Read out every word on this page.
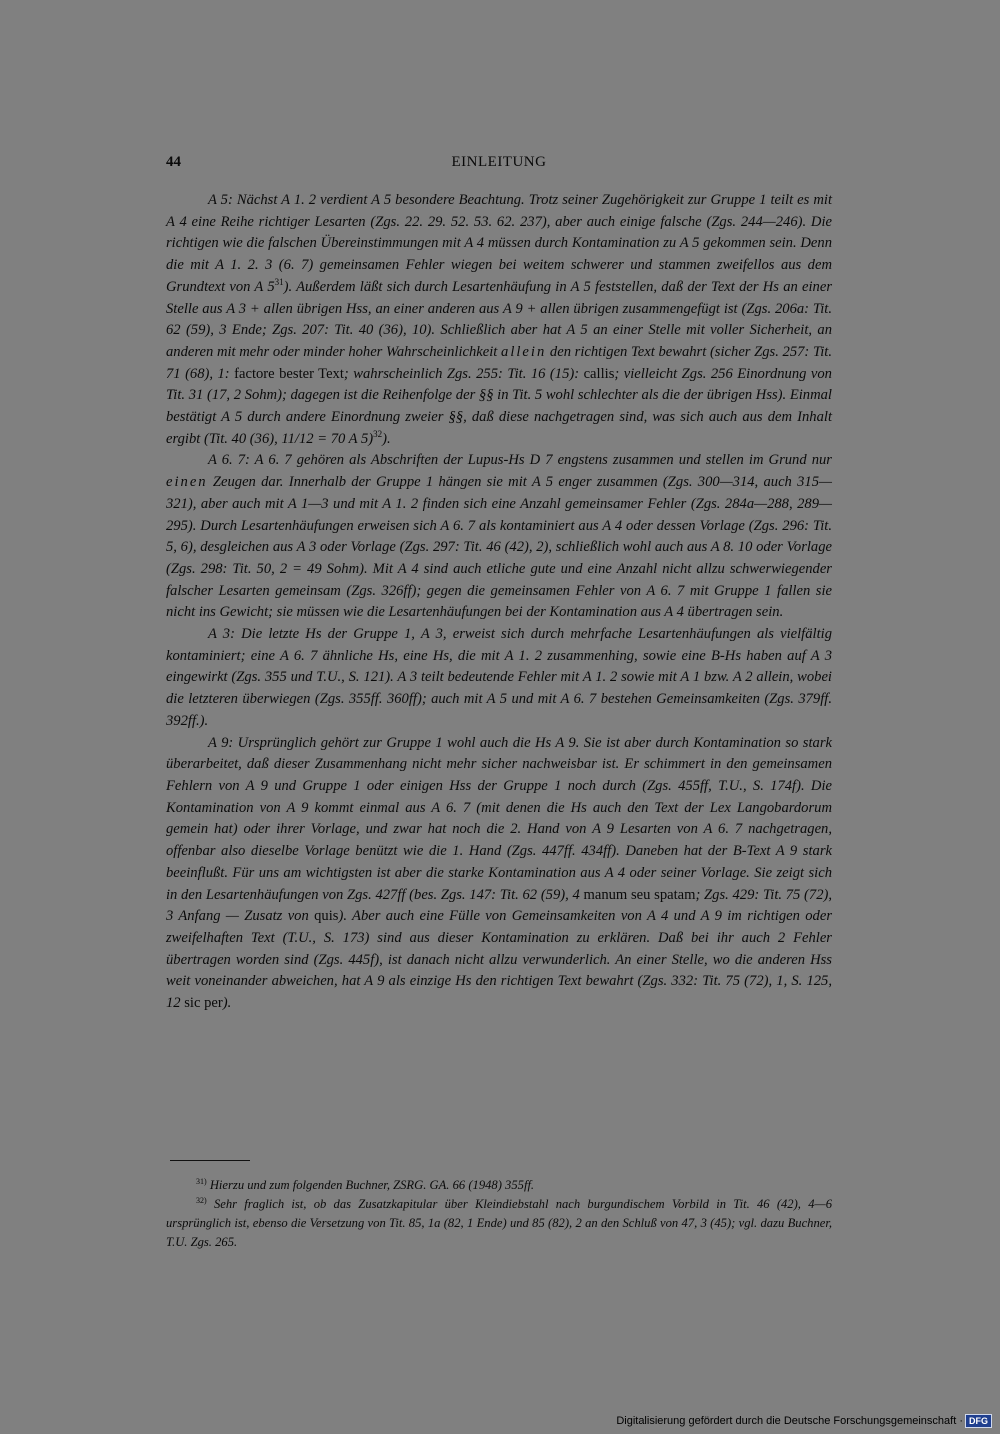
44	EINLEITUNG

A 5: Nächst A 1. 2 verdient A 5 besondere Beachtung. Trotz seiner Zugehörigkeit zur Gruppe 1 teilt es mit A 4 eine Reihe richtiger Lesarten (Zgs. 22. 29. 52. 53. 62. 237), aber auch einige falsche (Zgs. 244—246). Die richtigen wie die falschen Übereinstimmungen mit A 4 müssen durch Kontamination zu A 5 gekommen sein. Denn die mit A 1. 2. 3 (6. 7) gemeinsamen Fehler wiegen bei weitem schwerer und stammen zweifellos aus dem Grundtext von A $5^{31}$). Außerdem läßt sich durch Lesartenhäufung in A 5 feststellen, daß der Text der Hs an einer Stelle aus A 3 + allen übrigen Hss, an einer anderen aus A 9 + allen übrigen zusammengefügt ist (Zgs. 206a: Tit. 62 (59), 3 Ende; Zgs. 207: Tit. 40 (36), 10). Schließlich aber hat A 5 an einer Stelle mit voller Sicherheit, an anderen mit mehr oder minder hoher Wahrscheinlichkeit allein den richtigen Text bewahrt (sicher Zgs. 257: Tit. 71 (68), 1: factore bester Text; wahrscheinlich Zgs. 255: Tit. 16 (15): callis; vielleicht Zgs. 256 Einordnung von Tit. 31 (17, 2 Sohm); dagegen ist die Reihenfolge der §§ in Tit. 5 wohl schlechter als die der übrigen Hss). Einmal bestätigt A 5 durch andere Einordnung zweier §§, daß diese nachgetragen sind, was sich auch aus dem Inhalt ergibt (Tit. 40 (36), 11/12 = 70 A 5)$^{32}$).

A 6. 7: A 6. 7 gehören als Abschriften der Lupus-Hs D 7 engstens zusammen und stellen im Grund nur einen Zeugen dar. Innerhalb der Gruppe 1 hängen sie mit A 5 enger zusammen (Zgs. 300—314, auch 315—321), aber auch mit A 1—3 und mit A 1. 2 finden sich eine Anzahl gemeinsamer Fehler (Zgs. 284a—288, 289—295). Durch Lesartenhäufungen erweisen sich A 6. 7 als kontaminiert aus A 4 oder dessen Vorlage (Zgs. 296: Tit. 5, 6), desgleichen aus A 3 oder Vorlage (Zgs. 297: Tit. 46 (42), 2), schließlich wohl auch aus A 8. 10 oder Vorlage (Zgs. 298: Tit. 50, 2 = 49 Sohm). Mit A 4 sind auch etliche gute und eine Anzahl nicht allzu schwerwiegender falscher Lesarten gemeinsam (Zgs. 326ff); gegen die gemeinsamen Fehler von A 6. 7 mit Gruppe 1 fallen sie nicht ins Gewicht; sie müssen wie die Lesartenhäufungen bei der Kontamination aus A 4 übertragen sein.

A 3: Die letzte Hs der Gruppe 1, A 3, erweist sich durch mehrfache Lesartenhäufungen als vielfältig kontaminiert; eine A 6. 7 ähnliche Hs, eine Hs, die mit A 1. 2 zusammenhing, sowie eine B-Hs haben auf A 3 eingewirkt (Zgs. 355 und T.U., S. 121). A 3 teilt bedeutende Fehler mit A 1. 2 sowie mit A 1 bzw. A 2 allein, wobei die letzteren überwiegen (Zgs. 355ff. 360ff); auch mit A 5 und mit A 6. 7 bestehen Gemeinsamkeiten (Zgs. 379ff. 392ff.).

A 9: Ursprünglich gehört zur Gruppe 1 wohl auch die Hs A 9. Sie ist aber durch Kontamination so stark überarbeitet, daß dieser Zusammenhang nicht mehr sicher nachweisbar ist. Er schimmert in den gemeinsamen Fehlern von A 9 und Gruppe 1 oder einigen Hss der Gruppe 1 noch durch (Zgs. 455ff, T.U., S. 174f). Die Kontamination von A 9 kommt einmal aus A 6. 7 (mit denen die Hs auch den Text der Lex Langobardorum gemein hat) oder ihrer Vorlage, und zwar hat noch die 2. Hand von A 9 Lesarten von A 6. 7 nachgetragen, offenbar also dieselbe Vorlage benützt wie die 1. Hand (Zgs. 447ff. 434ff). Daneben hat der B-Text A 9 stark beeinflußt. Für uns am wichtigsten ist aber die starke Kontamination aus A 4 oder seiner Vorlage. Sie zeigt sich in den Lesartenhäufungen von Zgs. 427ff (bes. Zgs. 147: Tit. 62 (59), 4 manum seu spatam; Zgs. 429: Tit. 75 (72), 3 Anfang — Zusatz von quis). Aber auch eine Fülle von Gemeinsamkeiten von A 4 und A 9 im richtigen oder zweifelhaften Text (T.U., S. 173) sind aus dieser Kontamination zu erklären. Daß bei ihr auch 2 Fehler übertragen worden sind (Zgs. 445f), ist danach nicht allzu verwunderlich. An einer Stelle, wo die anderen Hss weit voneinander abweichen, hat A 9 als einzige Hs den richtigen Text bewahrt (Zgs. 332: Tit. 75 (72), 1, S. 125, 12 sic per).

$^{31)}$ Hierzu und zum folgenden Buchner, ZSRG. GA. 66 (1948) 355ff.

$^{32)}$ Sehr fraglich ist, ob das Zusatzkapitular über Kleindiebstahl nach burgundischem Vorbild in Tit. 46 (42), 4—6 ursprünglich ist, ebenso die Versetzung von Tit. 85, 1a (82, 1 Ende) und 85 (82), 2 an den Schluß von 47, 3 (45); vgl. dazu Buchner, T.U. Zgs. 265.

Digitalisierung gefördert durch die Deutsche Forschungsgemeinschaft · DFG
